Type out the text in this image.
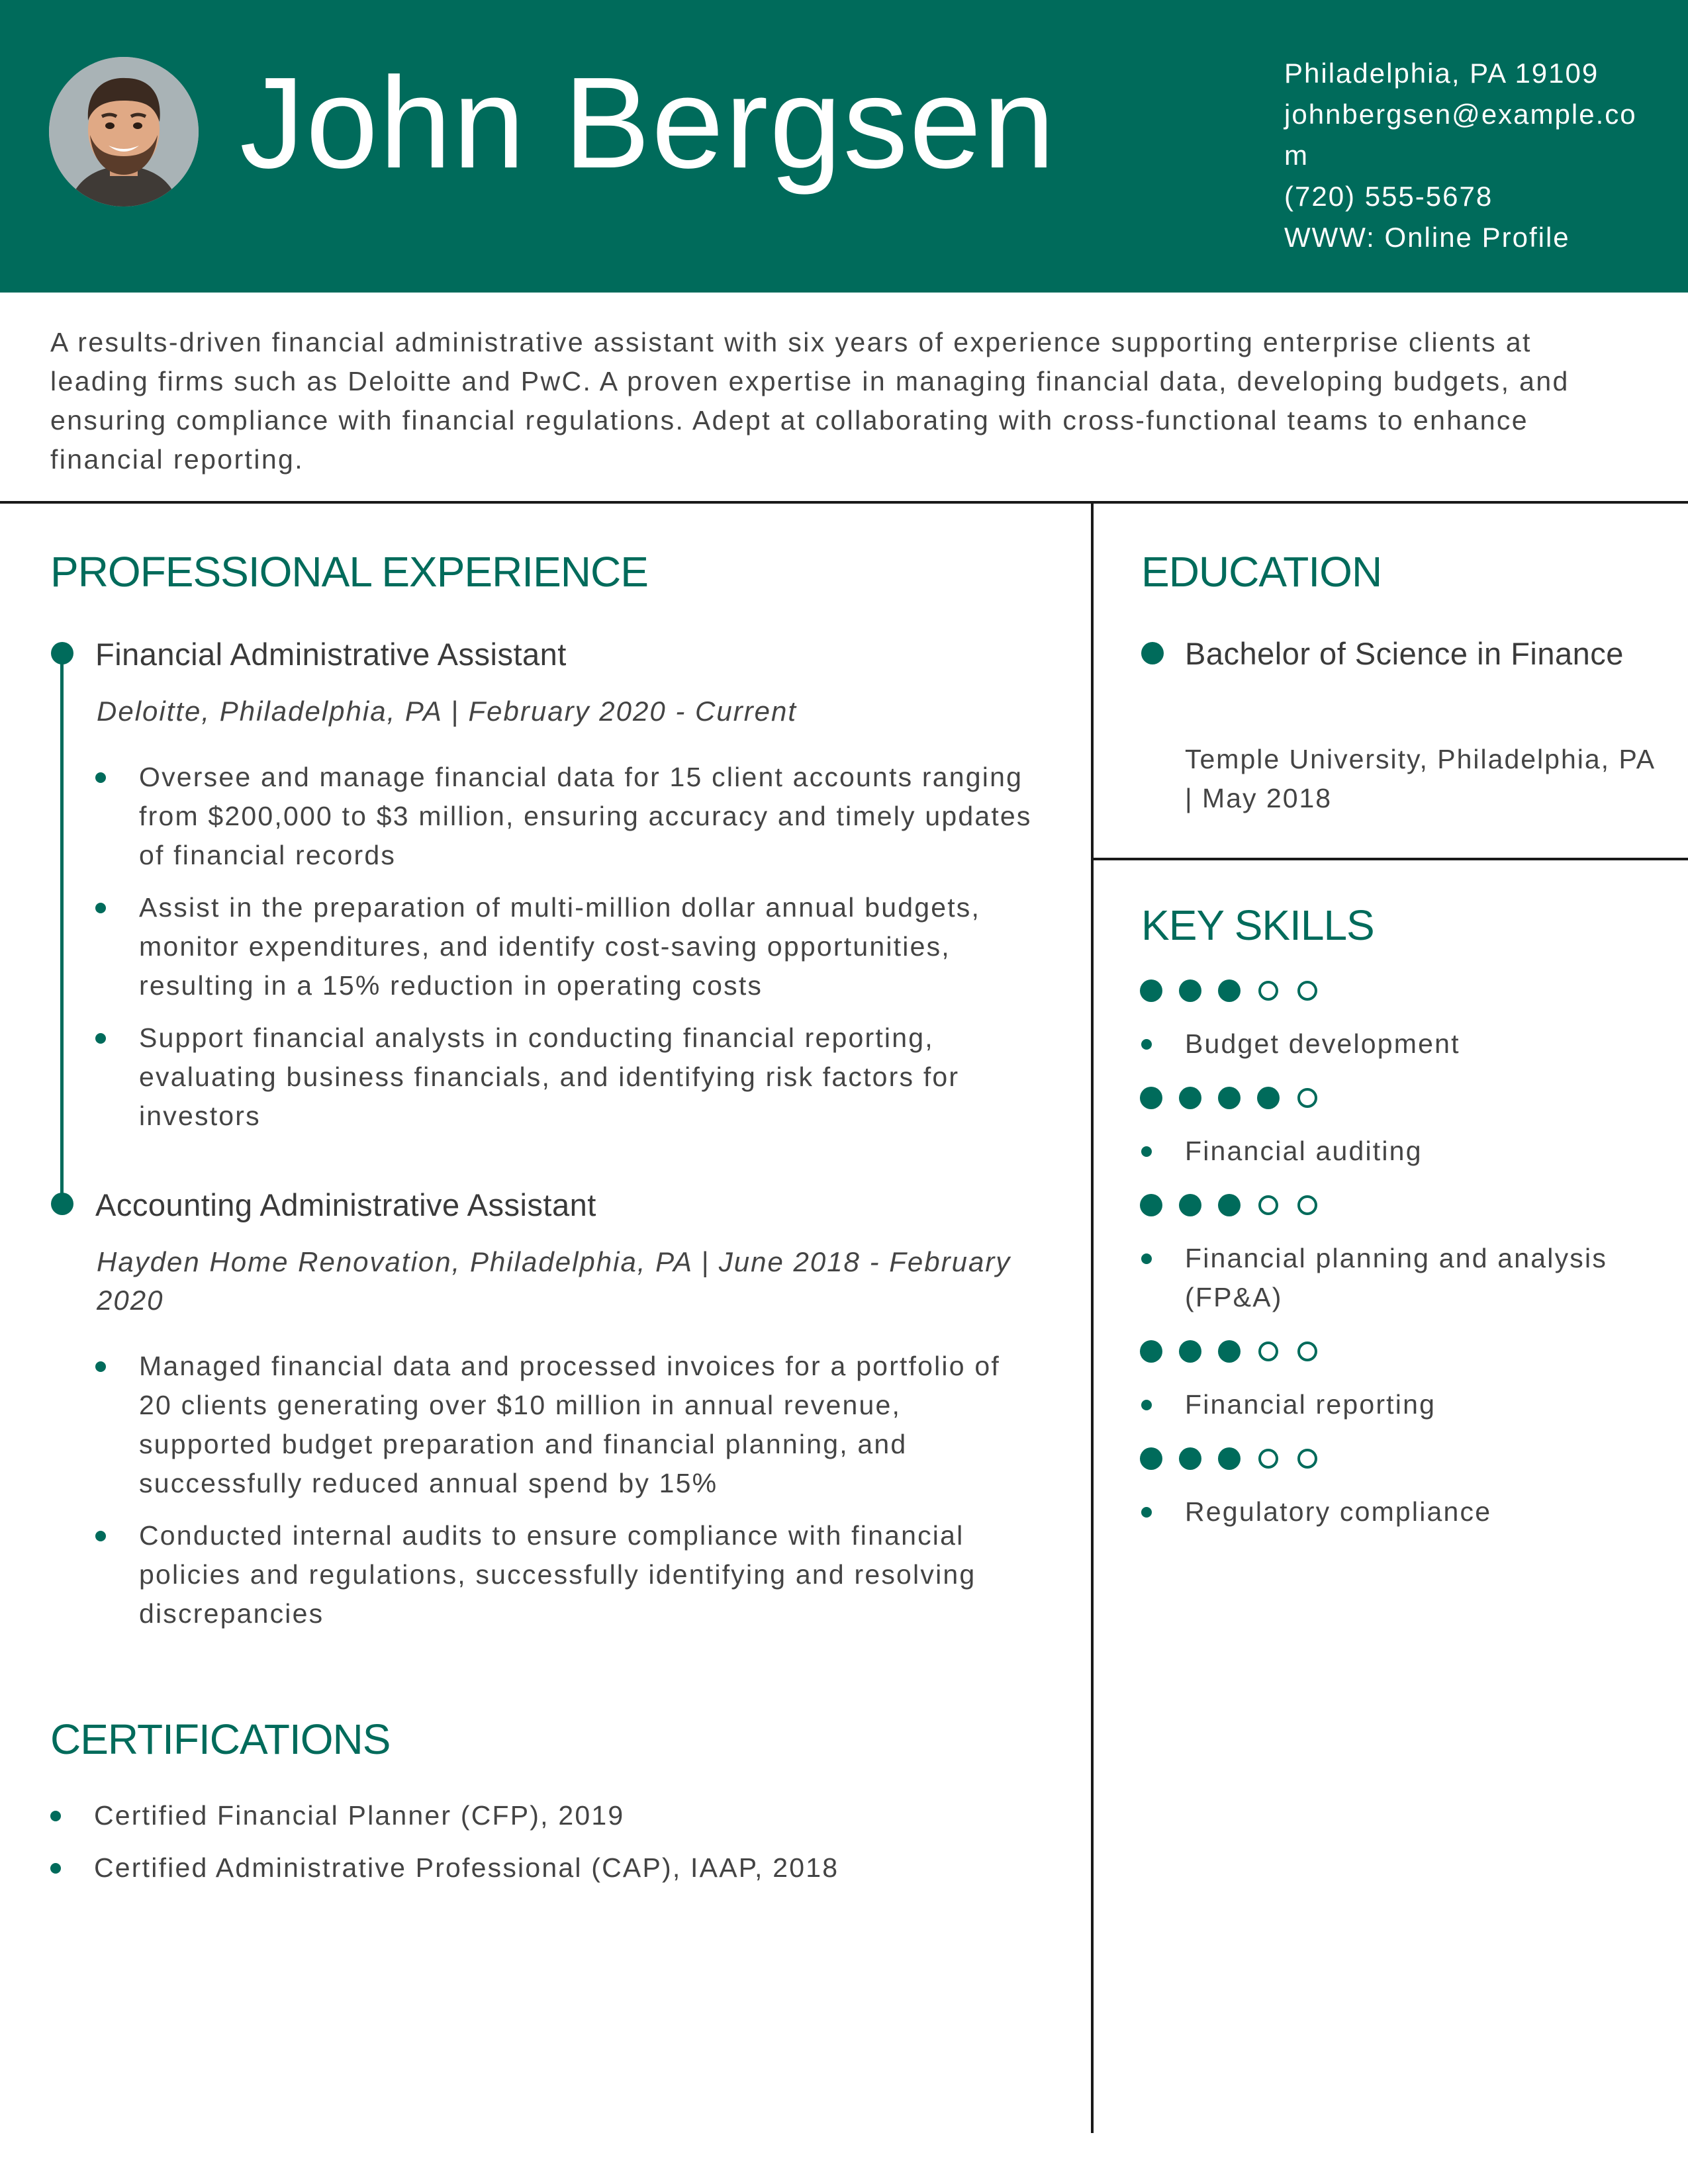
John Bergsen	Philadelphia, PA 19109
johnbergsen@example.com
(720) 555-5678
WWW: Online Profile

A results-driven financial administrative assistant with six years of experience supporting enterprise clients at leading firms such as Deloitte and PwC. A proven expertise in managing financial data, developing budgets, and ensuring compliance with financial regulations. Adept at collaborating with cross-functional teams to enhance financial reporting.

PROFESSIONAL EXPERIENCE
Financial Administrative Assistant

Deloitte, Philadelphia, PA | February 2020 - Current

Oversee and manage financial data for 15 client accounts ranging from $200,000 to $3 million, ensuring accuracy and timely updates of financial records
Assist in the preparation of multi-million dollar annual budgets, monitor expenditures, and identify cost-saving opportunities, resulting in a 15% reduction in operating costs
Support financial analysts in conducting financial reporting, evaluating business financials, and identifying risk factors for investors
Accounting Administrative Assistant

Hayden Home Renovation, Philadelphia, PA | June 2018 - February 2020

Managed financial data and processed invoices for a portfolio of 20 clients generating over $10 million in annual revenue, supported budget preparation and financial planning, and successfully reduced annual spend by 15%
Conducted internal audits to ensure compliance with financial policies and regulations, successfully identifying and resolving discrepancies
CERTIFICATIONS
Certified Financial Planner (CFP), 2019
Certified Administrative Professional (CAP), IAAP, 2018
EDUCATION
Bachelor of Science in Finance

Temple University, Philadelphia, PA | May 2018

KEY SKILLS

Budget development

Financial auditing

Financial planning and analysis (FP&A)

Financial reporting

Regulatory compliance
